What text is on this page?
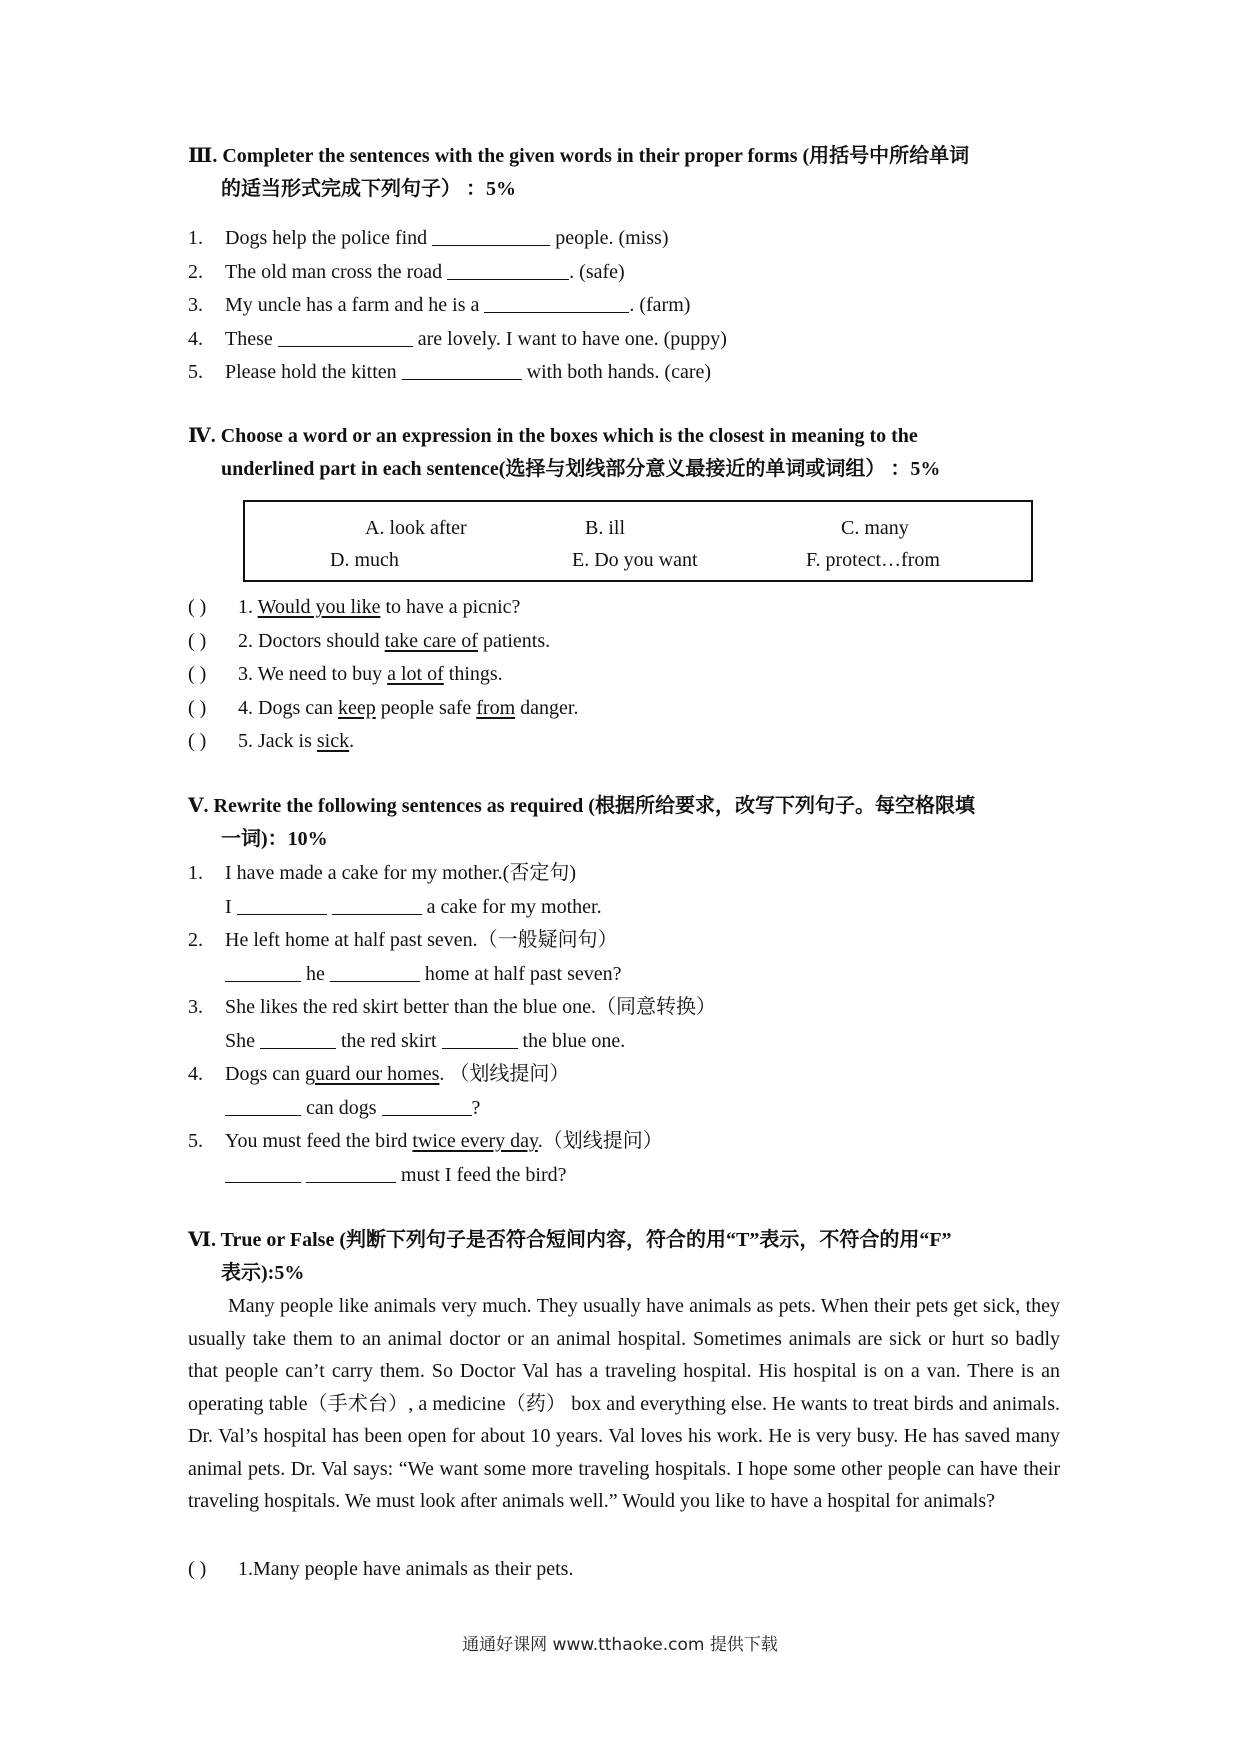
Ⅲ. Completer the sentences with the given words in their proper forms (用括号中所给单词
的适当形式完成下列句子） ：5%
1. Dogs help the police find	people. (miss)
2. The old man cross the road	. (safe)
3. My uncle has a farm and he is a	. (farm)
4. These	are lovely. I want to have one. (puppy)
5. Please hold the kitten	with both hands. (care)
Ⅳ. Choose a word or an expression in the boxes which is the closest in meaning to the
underlined part in each sentence(选择与划线部分意义最接近的单词或词组） ：5%
A. look after	B. ill	C. many
D. much	E. Do you want	F. protect…from
( ) 1. Would you like to have a picnic?
( ) 2. Doctors should take care of patients.
( ) 3. We need to buy a lot of things.
( ) 4. Dogs can keep people safe from danger.
( ) 5. Jack is sick.
Ⅴ. Rewrite the following sentences as required (根据所给要求，改写下列句子。每空格限填
一词)：10%
1. I have made a cake for my mother.(否定句)
I	a cake for my mother.
2. He left home at half past seven.（一般疑问句）
he	home at half past seven?
3. She likes the red skirt better than the blue one.（同意转换）
She	the red skirt	the blue one.
4. Dogs can guard our homes. （划线提问）
can dogs	?
5. You must feed the bird twice every day.（划线提问）
must I feed the bird?
Ⅵ. True or False (判断下列句子是否符合短间内容，符合的用“T”表示，不符合的用“F”
表示):5%
Many people like animals very much. They usually have animals as pets. When their pets get sick, they usually take them to an animal doctor or an animal hospital. Sometimes animals are sick or hurt so badly that people can’t carry them. So Doctor Val has a traveling hospital. His hospital is on a van. There is an operating table（手术台）, a medicine（药） box and everything else. He wants to treat birds and animals. Dr. Val’s hospital has been open for about 10 years. Val loves his work. He is very busy. He has saved many animal pets. Dr. Val says: “We want some more traveling hospitals. I hope some other people can have their traveling hospitals. We must look after animals well.” Would you like to have a hospital for animals?
( ) 1.Many people have animals as their pets.
通通好课网 www.tthaoke.com 提供下载
